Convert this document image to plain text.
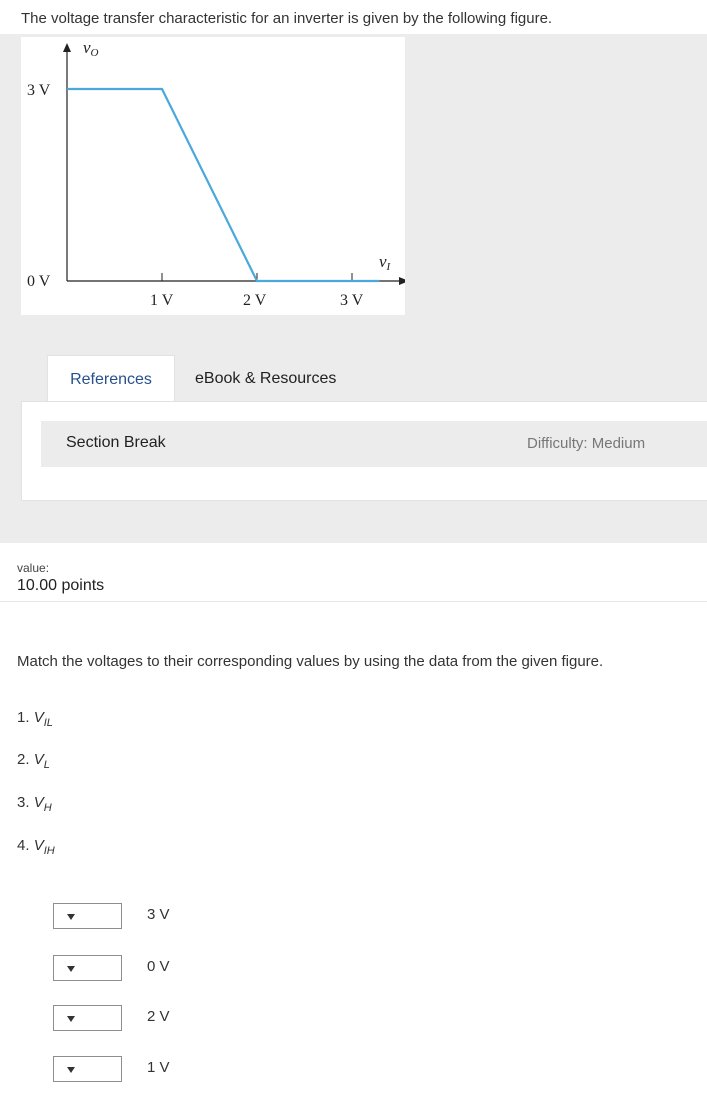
The voltage transfer characteristic for an inverter is given by the following figure.
vO
vI
3 V
0 V
1 V	2 V	3 V
References	eBook & Resources
Section Break	Difficulty: Medium
value:
10.00 points
Match the voltages to their corresponding values by using the data from the given figure.
1. $V_{IL}$
2. $V_L$
3. $V_H$
4. $V_{IH}$
3 V
0 V
2 V
1 V
